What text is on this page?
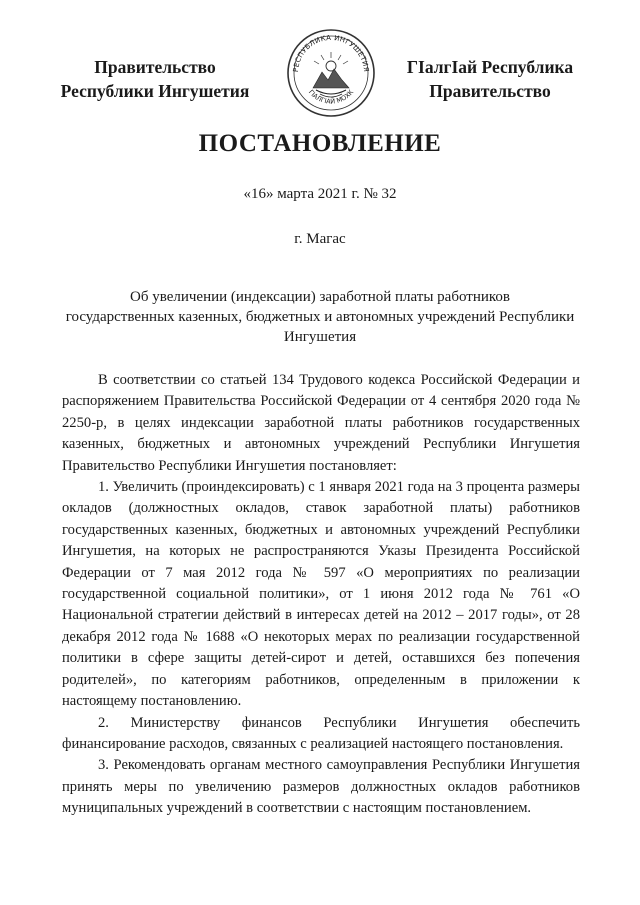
Правительство
Республики Ингушетия
РЕСПУБЛИКА ИНГУШЕТИЯ
ГIАЛГIАЙ МОХК
ГIалгIай Республика
Правительство
ПОСТАНОВЛЕНИЕ
«16» марта 2021 г. № 32
г. Магас
Об увеличении (индексации) заработной платы работников
государственных казенных, бюджетных и автономных учреждений Республики
Ингушетия

В соответствии со статьей 134 Трудового кодекса Российской Федерации и распоряжением Правительства Российской Федерации от 4 сентября 2020 года № 2250-р, в целях индексации заработной платы работников государственных казенных, бюджетных и автономных учреждений Республики Ингушетия Правительство Республики Ингушетия постановляет:

1. Увеличить (проиндексировать) с 1 января 2021 года на 3 процента размеры окладов (должностных окладов, ставок заработной платы) работников государственных казенных, бюджетных и автономных учреждений Республики Ингушетия, на которых не распространяются Указы Президента Российской Федерации от 7 мая 2012 года № 597 «О мероприятиях по реализации государственной социальной политики», от 1 июня 2012 года № 761 «О Национальной стратегии действий в интересах детей на 2012 – 2017 годы», от 28 декабря 2012 года № 1688 «О некоторых мерах по реализации государственной политики в сфере защиты детей-сирот и детей, оставшихся без попечения родителей», по категориям работников, определенным в приложении к настоящему постановлению.

2. Министерству финансов Республики Ингушетия обеспечить финансирование расходов, связанных с реализацией настоящего постановления.

3. Рекомендовать органам местного самоуправления Республики Ингушетия принять меры по увеличению размеров должностных окладов работников муниципальных учреждений в соответствии с настоящим постановлением.
